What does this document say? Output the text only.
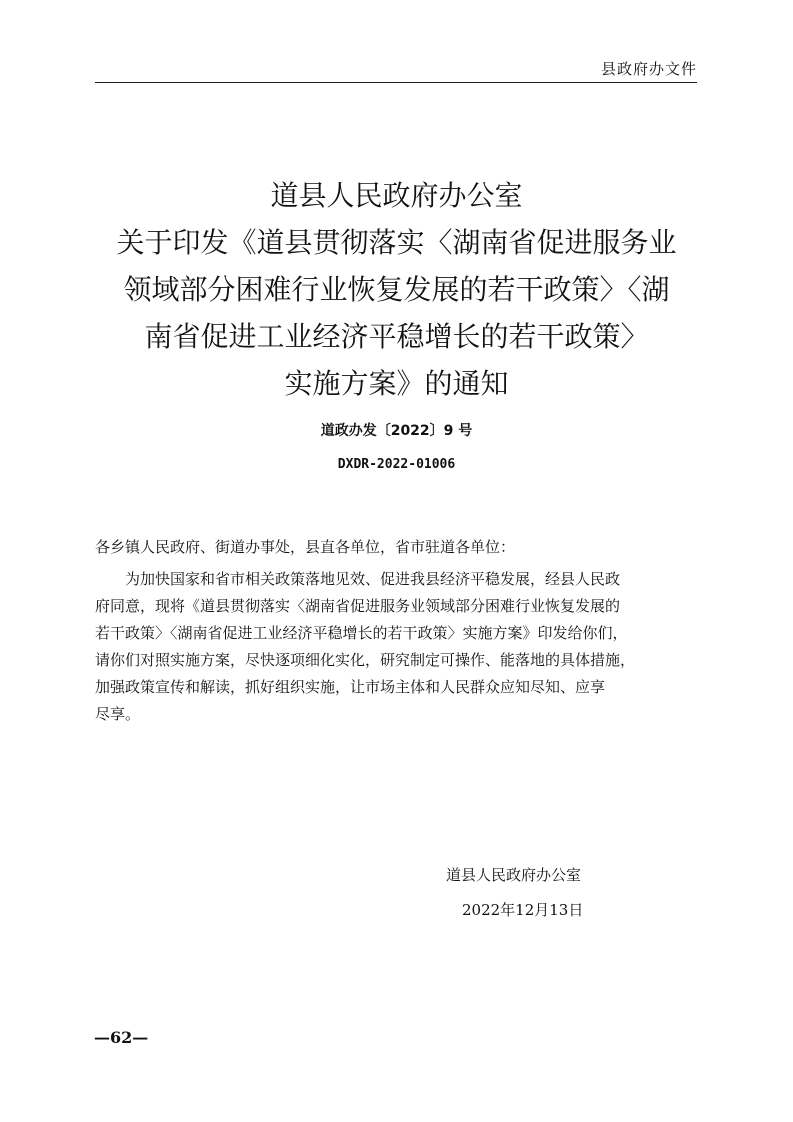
县政府办文件
道县人民政府办公室
关于印发《道县贯彻落实〈湖南省促进服务业
领域部分困难行业恢复发展的若干政策〉〈湖
南省促进工业经济平稳增长的若干政策〉
实施方案》的通知
道政办发〔2022〕9 号
DXDR-2022-01006
各乡镇人民政府、街道办事处，县直各单位，省市驻道各单位：
为加快国家和省市相关政策落地见效、促进我县经济平稳发展，经县人民政
府同意，现将《道县贯彻落实〈湖南省促进服务业领域部分困难行业恢复发展的
若干政策〉〈湖南省促进工业经济平稳增长的若干政策〉实施方案》印发给你们，
请你们对照实施方案，尽快逐项细化实化，研究制定可操作、能落地的具体措施，
加强政策宣传和解读，抓好组织实施，让市场主体和人民群众应知尽知、应享
尽享。
道县人民政府办公室
2022年12月13日
—62—
